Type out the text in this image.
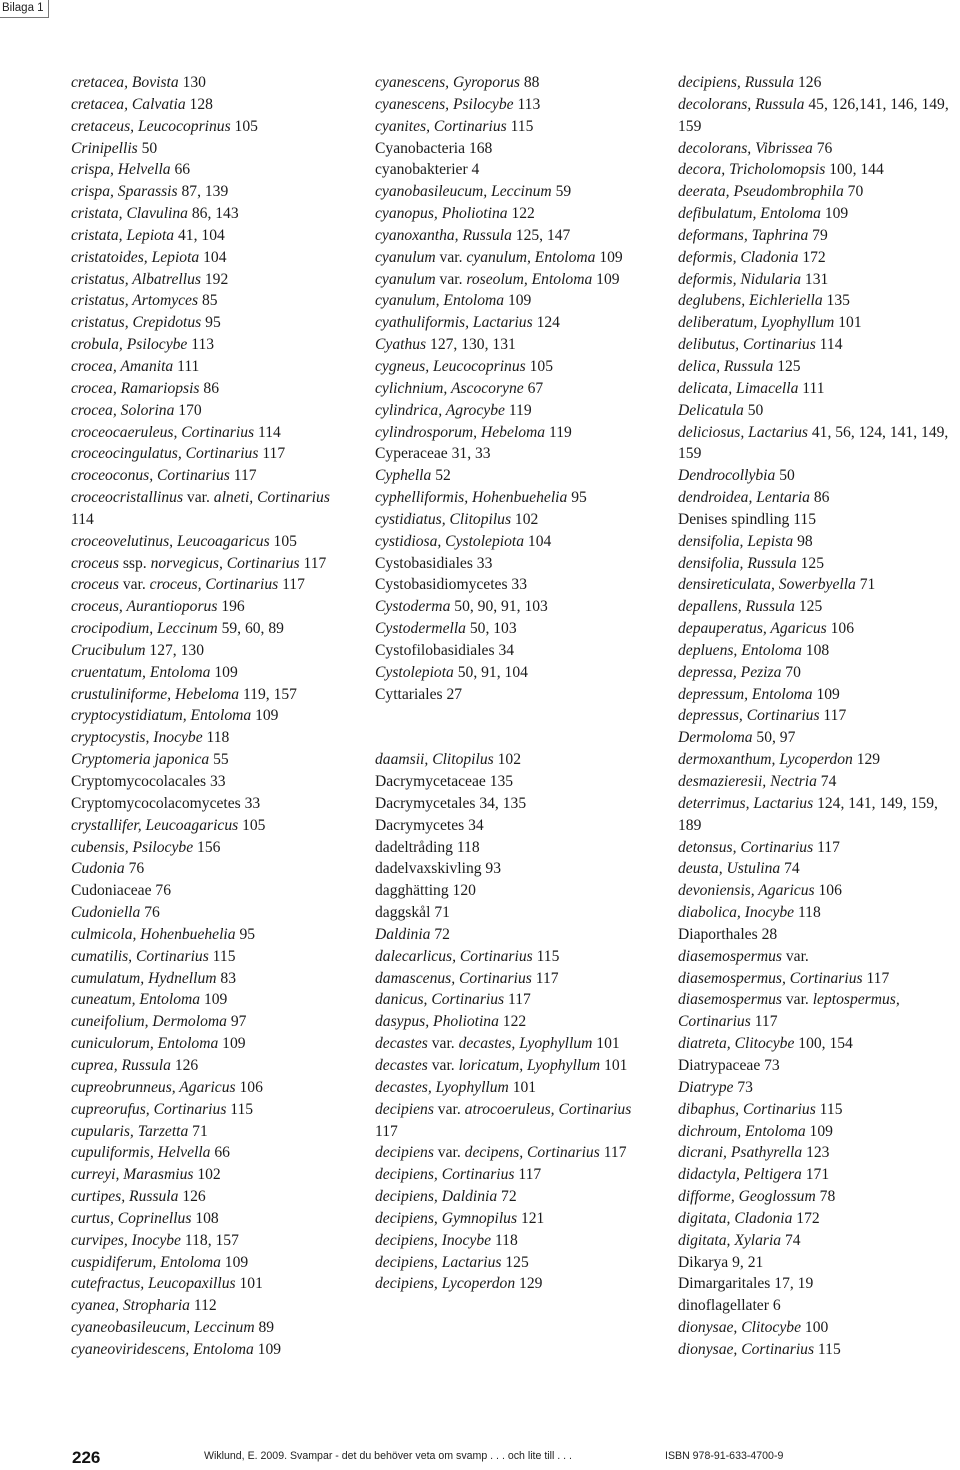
Bilaga 1
cretacea, Bovista 130
cretacea, Calvatia 128
cretaceus, Leucocoprinus 105
Crinipellis 50
crispa, Helvella 66
crispa, Sparassis 87, 139
cristata, Clavulina 86, 143
cristata, Lepiota 41, 104
cristatoides, Lepiota 104
cristatus, Albatrellus 192
cristatus, Artomyces 85
cristatus, Crepidotus 95
crobula, Psilocybe 113
crocea, Amanita 111
crocea, Ramariopsis 86
crocea, Solorina 170
croceocaeruleus, Cortinarius 114
croceocingulatus, Cortinarius 117
croceoconus, Cortinarius 117
croceocristallinus var. alneti, Cortinarius 114
croceovelutinus, Leucoagaricus 105
croceus ssp. norvegicus, Cortinarius 117
croceus var. croceus, Cortinarius 117
croceus, Aurantioporus 196
crocipodium, Leccinum 59, 60, 89
Crucibulum 127, 130
cruentatum, Entoloma 109
crustuliniforme, Hebeloma 119, 157
cryptocystidiatum, Entoloma 109
cryptocystis, Inocybe 118
Cryptomeria japonica 55
Cryptomycocolacales 33
Cryptomycocolacomycetes 33
crystallifer, Leucoagaricus 105
cubensis, Psilocybe 156
Cudonia 76
Cudoniaceae 76
Cudoniella 76
culmicola, Hohenbuehelia 95
cumatilis, Cortinarius 115
cumulatum, Hydnellum 83
cuneatum, Entoloma 109
cuneifolium, Dermoloma 97
cuniculorum, Entoloma 109
cuprea, Russula 126
cupreobrunneus, Agaricus 106
cupreorufus, Cortinarius 115
cupularis, Tarzetta 71
cupuliformis, Helvella 66
curreyi, Marasmius 102
curtipes, Russula 126
curtus, Coprinellus 108
curvipes, Inocybe 118, 157
cuspidiferum, Entoloma 109
cutefractus, Leucopaxillus 101
cyanea, Stropharia 112
cyaneobasileucum, Leccinum 89
cyaneoviridescens, Entoloma 109
cyanescens, Gyroporus 88
cyanescens, Psilocybe 113
cyanites, Cortinarius 115
Cyanobacteria 168
cyanobakterier 4
cyanobasileucum, Leccinum 59
cyanopus, Pholiotina 122
cyanoxantha, Russula 125, 147
cyanulum var. cyanulum, Entoloma 109
cyanulum var. roseolum, Entoloma 109
cyanulum, Entoloma 109
cyathuliformis, Lactarius 124
Cyathus 127, 130, 131
cygneus, Leucocoprinus 105
cylichnium, Ascocoryne 67
cylindrica, Agrocybe 119
cylindrosporum, Hebeloma 119
Cyperaceae 31, 33
Cyphella 52
cyphelliformis, Hohenbuehelia 95
cystidiatus, Clitopilus 102
cystidiosa, Cystolepiota 104
Cystobasidiales 33
Cystobasidiomycetes 33
Cystoderma 50, 90, 91, 103
Cystodermella 50, 103
Cystofilobasidiales 34
Cystolepiota 50, 91, 104
Cyttariales 27
daamsii, Clitopilus 102
Dacrymycetaceae 135
Dacrymycetales 34, 135
Dacrymycetes 34
dadeltråding 118
dadelvaxskivling 93
dagghätting 120
daggskål 71
Daldinia 72
dalecarlicus, Cortinarius 115
damascenus, Cortinarius 117
danicus, Cortinarius 117
dasypus, Pholiotina 122
decastes var. decastes, Lyophyllum 101
decastes var. loricatum, Lyophyllum 101
decastes, Lyophyllum 101
decipiens var. atrocoeruleus, Cortinarius 117
decipiens var. decipens, Cortinarius 117
decipiens, Cortinarius 117
decipiens, Daldinia 72
decipiens, Gymnopilus 121
decipiens, Inocybe 118
decipiens, Lactarius 125
decipiens, Lycoperdon 129
decipiens, Russula 126
decolorans, Russula 45, 126,141, 146, 149, 159
decolorans, Vibrissea 76
decora, Tricholomopsis 100, 144
deerata, Pseudombrophila 70
defibulatum, Entoloma 109
deformans, Taphrina 79
deformis, Cladonia 172
deformis, Nidularia 131
deglubens, Eichleriella 135
deliberatum, Lyophyllum 101
delibutus, Cortinarius 114
delica, Russula 125
delicata, Limacella 111
Delicatula 50
deliciosus, Lactarius 41, 56, 124, 141, 149, 159
Dendrocollybia 50
dendroidea, Lentaria 86
Denises spindling 115
densifolia, Lepista 98
densifolia, Russula 125
densireticulata, Sowerbyella 71
depallens, Russula 125
depauperatus, Agaricus 106
depluens, Entoloma 108
depressa, Peziza 70
depressum, Entoloma 109
depressus, Cortinarius 117
Dermoloma 50, 97
dermoxanthum, Lycoperdon 129
desmazieresii, Nectria 74
deterrimus, Lactarius 124, 141, 149, 159, 189
detonsus, Cortinarius 117
deusta, Ustulina 74
devoniensis, Agaricus 106
diabolica, Inocybe 118
Diaporthales 28
diasemospermus var.
diasemospermus, Cortinarius 117
diasemospermus var. leptospermus, Cortinarius 117
diatreta, Clitocybe 100, 154
Diatrypaceae 73
Diatrype 73
dibaphus, Cortinarius 115
dichroum, Entoloma 109
dicrani, Psathyrella 123
didactyla, Peltigera 171
difforme, Geoglossum 78
digitata, Cladonia 172
digitata, Xylaria 74
Dikarya 9, 21
Dimargaritales 17, 19
dinoflagellater 6
dionysae, Clitocybe 100
dionysae, Cortinarius 115
226	Wiklund, E. 2009. Svampar - det du behöver veta om svamp . . . och lite till . . .	ISBN 978-91-633-4700-9
